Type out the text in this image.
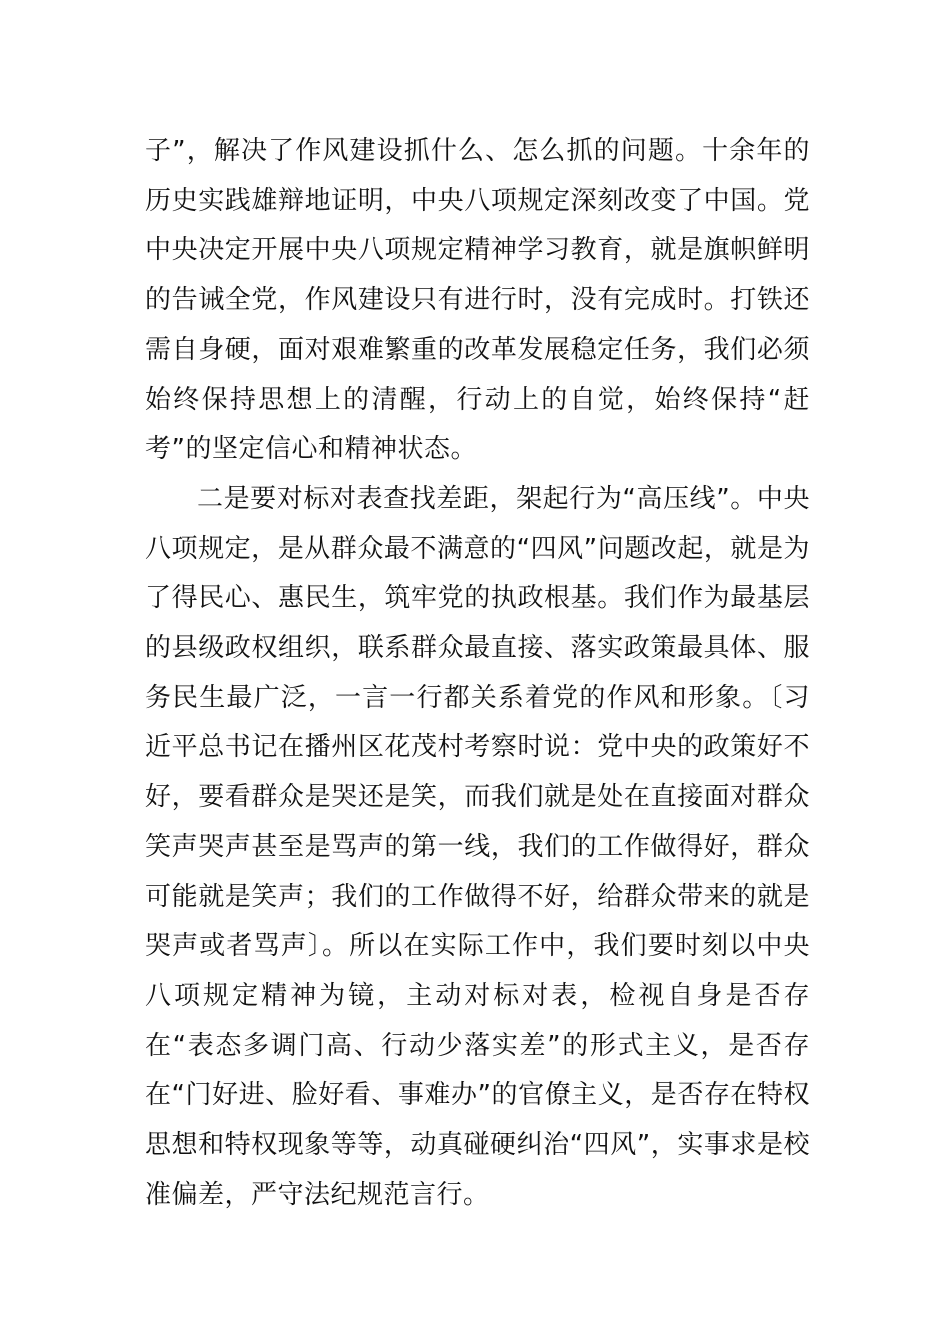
子”，解决了作风建设抓什么、怎么抓的问题。十余年的历史实践雄辩地证明，中央八项规定深刻改变了中国。党中央决定开展中央八项规定精神学习教育，就是旗帜鲜明的告诫全党，作风建设只有进行时，没有完成时。打铁还需自身硬，面对艰难繁重的改革发展稳定任务，我们必须始终保持思想上的清醒，行动上的自觉，始终保持“赶考”的坚定信心和精神状态。

二是要对标对表查找差距，架起行为“高压线”。中央八项规定，是从群众最不满意的“四风”问题改起，就是为了得民心、惠民生，筑牢党的执政根基。我们作为最基层的县级政权组织，联系群众最直接、落实政策最具体、服务民生最广泛，一言一行都关系着党的作风和形象。〔习近平总书记在播州区花茂村考察时说：党中央的政策好不好，要看群众是哭还是笑，而我们就是处在直接面对群众笑声哭声甚至是骂声的第一线，我们的工作做得好，群众可能就是笑声；我们的工作做得不好，给群众带来的就是哭声或者骂声〕。所以在实际工作中，我们要时刻以中央八项规定精神为镜，主动对标对表，检视自身是否存在“表态多调门高、行动少落实差”的形式主义，是否存在“门好进、脸好看、事难办”的官僚主义，是否存在特权思想和特权现象等等，动真碰硬纠治“四风”，实事求是校准偏差，严守法纪规范言行。
